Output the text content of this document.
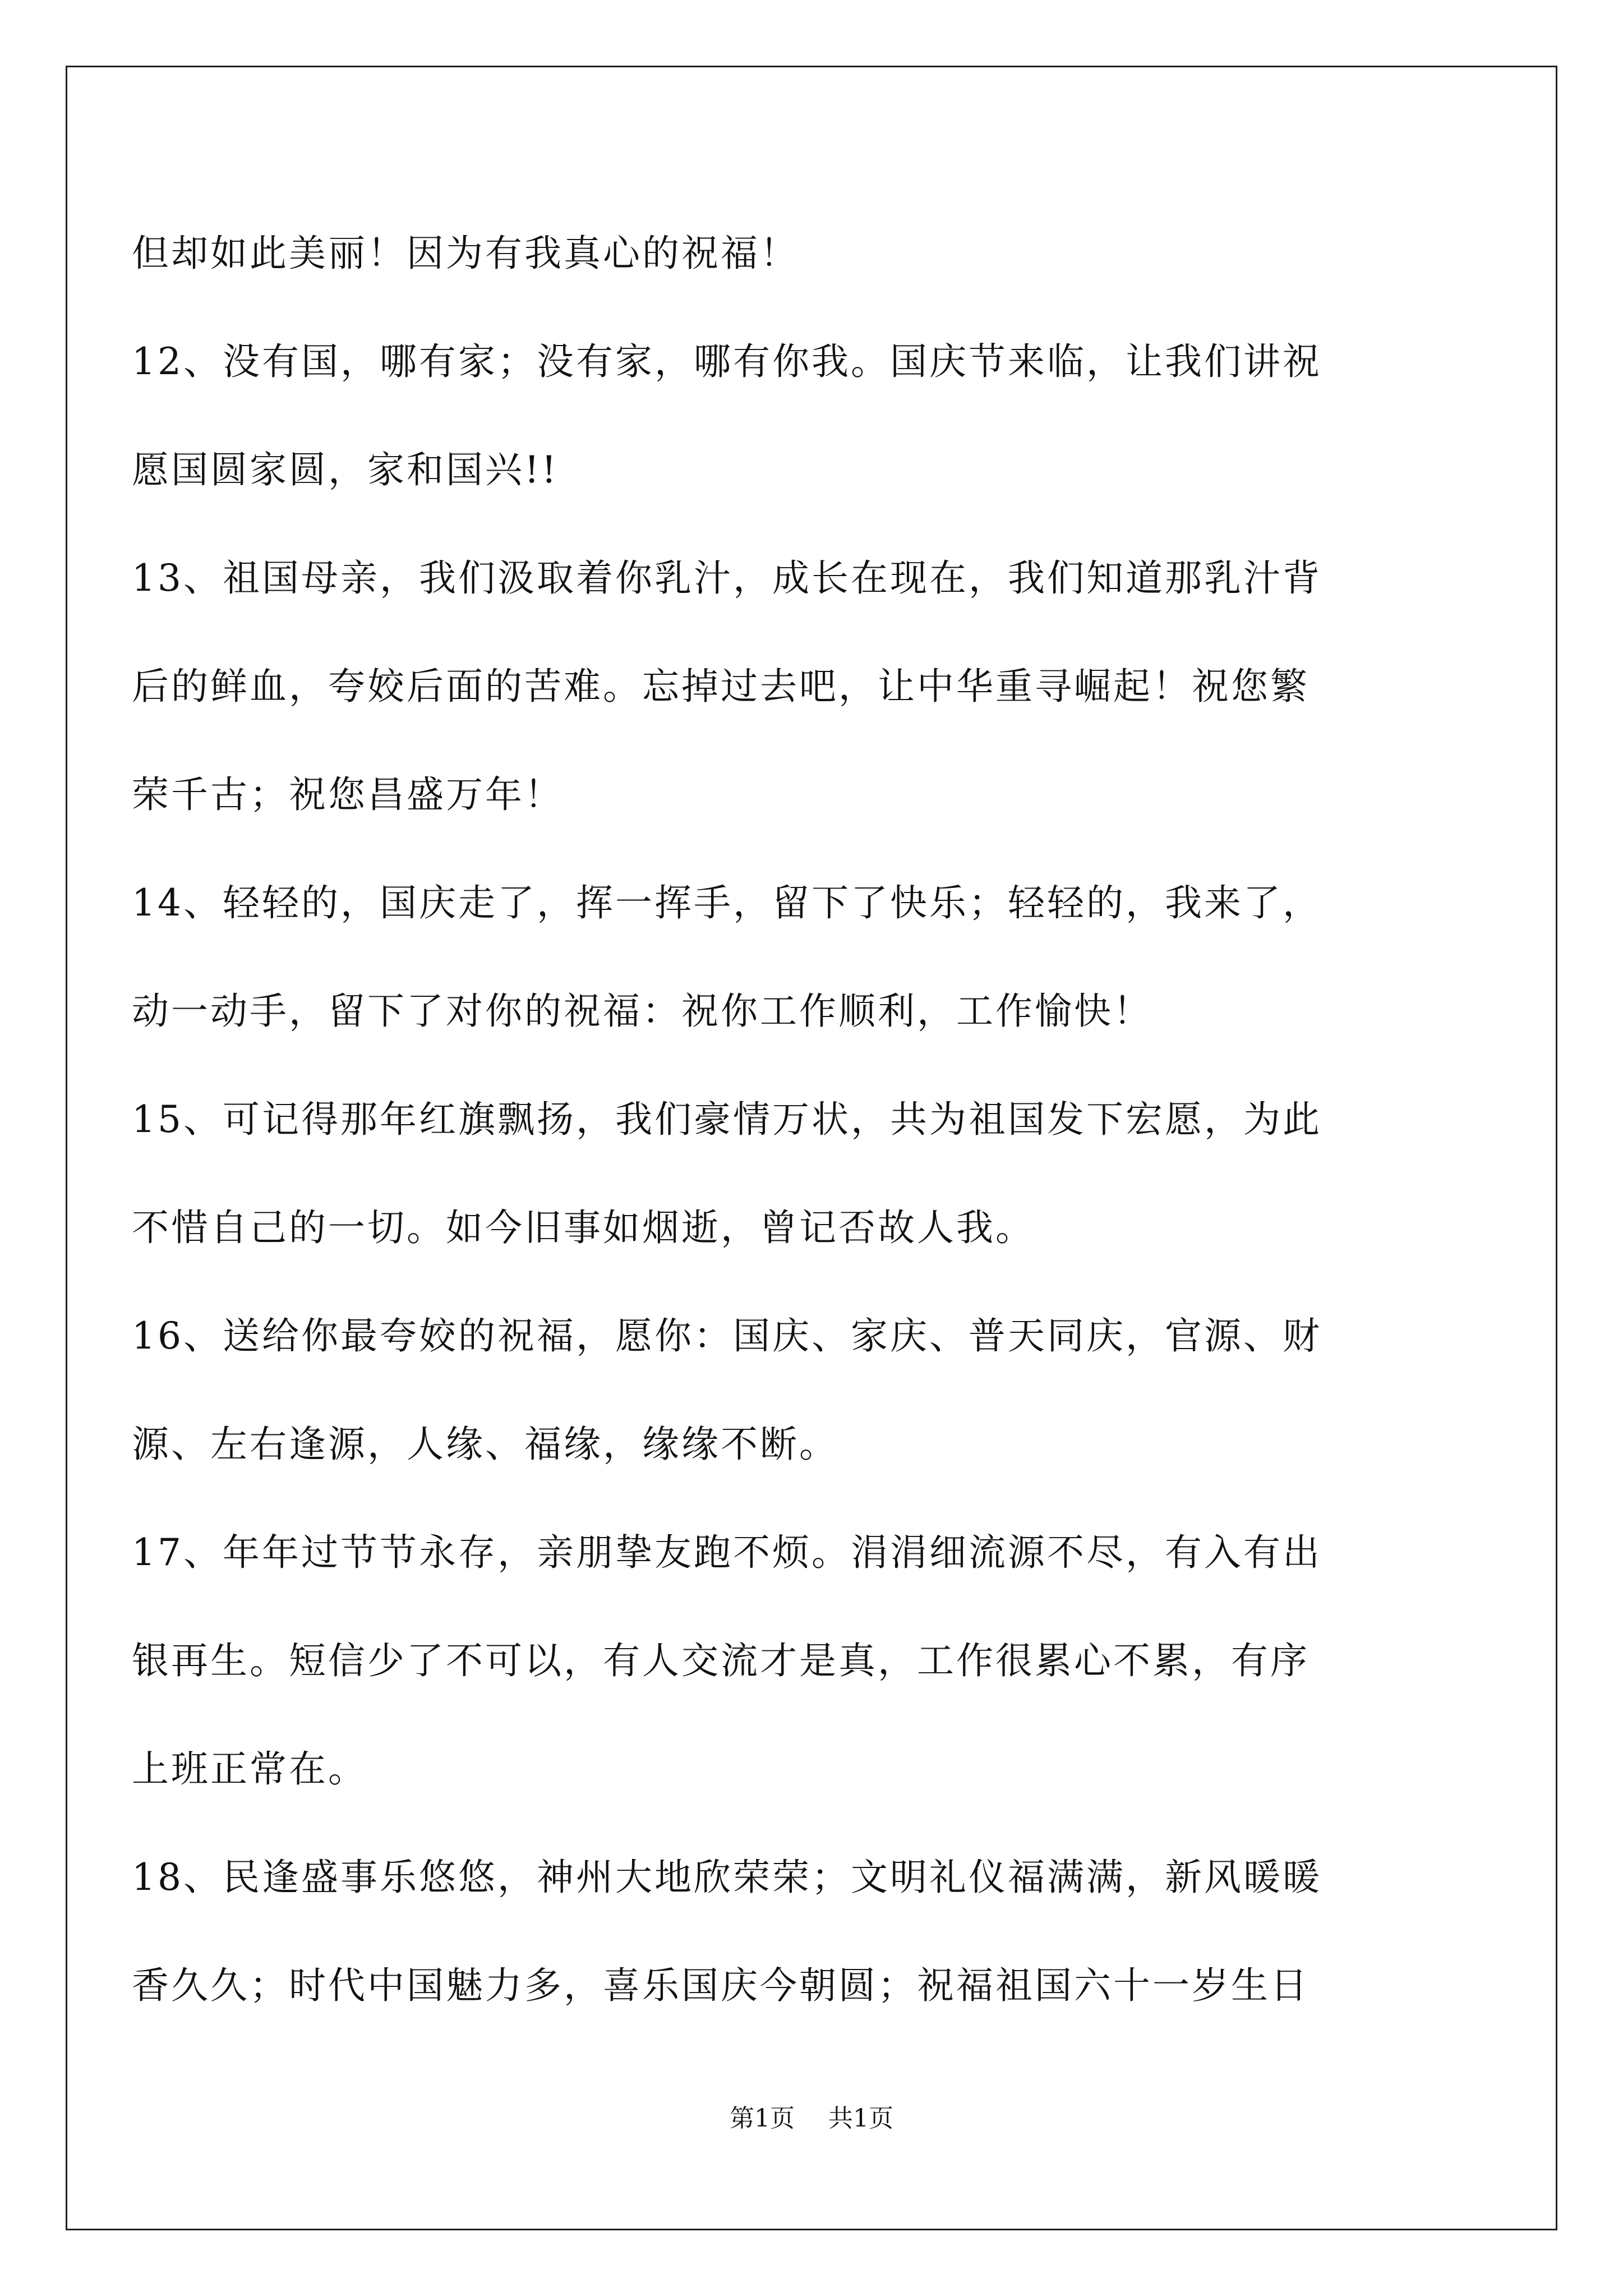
但却如此美丽！因为有我真心的祝福！
12、没有国，哪有家；没有家，哪有你我。国庆节来临，让我们讲祝
愿国圆家圆，家和国兴!!
13、祖国母亲，我们汲取着你乳汁，成长在现在，我们知道那乳汁背
后的鲜血，夸姣后面的苦难。忘掉过去吧，让中华重寻崛起！祝您繁
荣千古；祝您昌盛万年！
14、轻轻的，国庆走了，挥一挥手，留下了快乐；轻轻的，我来了，
动一动手，留下了对你的祝福：祝你工作顺利，工作愉快！
15、可记得那年红旗飘扬，我们豪情万状，共为祖国发下宏愿，为此
不惜自己的一切。如今旧事如烟逝，曾记否故人我。
16、送给你最夸姣的祝福，愿你：国庆、家庆、普天同庆，官源、财
源、左右逢源，人缘、福缘，缘缘不断。
17、年年过节节永存，亲朋挚友跑不烦。涓涓细流源不尽，有入有出
银再生。短信少了不可以，有人交流才是真，工作很累心不累，有序
上班正常在。
18、民逢盛事乐悠悠，神州大地欣荣荣；文明礼仪福满满，新风暖暖
香久久；时代中国魅力多，喜乐国庆今朝圆；祝福祖国六十一岁生日
第1页 共1页
